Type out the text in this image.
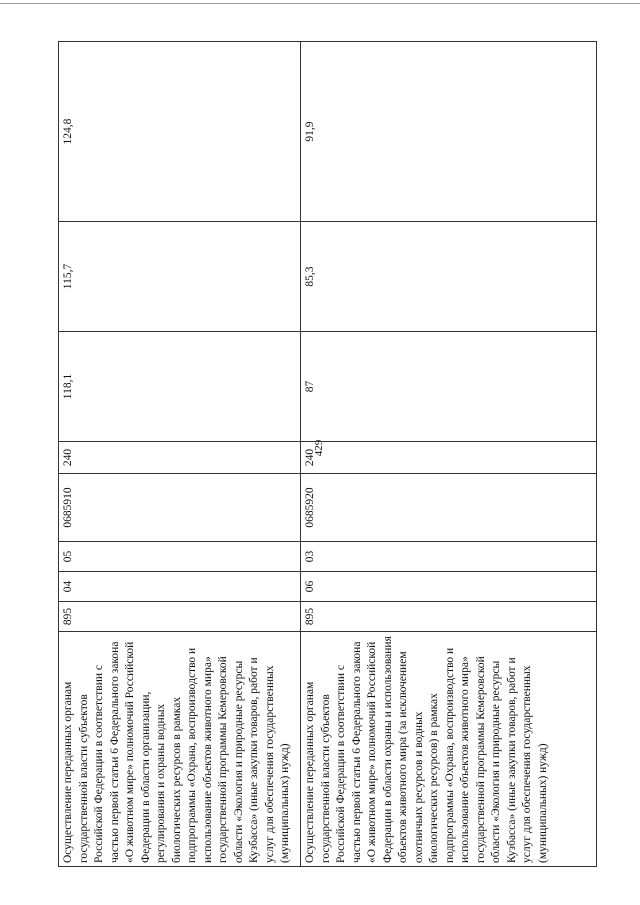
429
Осуществление переданных органам государственной власти субъектов Российской Федерации в соответствии с частью первой статьи 6 Федерального закона «О животном мире» полномочий Российской Федерации в области организации, регулирования и охраны водных биологических ресурсов в рамках подпрограммы «Охрана, воспроизводство и использование объектов животного мира» государственной программы Кемеровской области «Экология и природные ресурсы Кузбасса» (иные закупки товаров, работ и услуг для обеспечения государственных (муниципальных) нужд)	895	04	05	0685910	240	118,1	115,7	124,8
Осуществление переданных органам государственной власти субъектов Российской Федерации в соответствии с частью первой статьи 6 Федерального закона «О животном мире» полномочий Российской Федерации в области охраны и использования объектов животного мира (за исключением охотничьих ресурсов и водных биологических ресурсов) в рамках подпрограммы «Охрана, воспроизводство и использование объектов животного мира» государственной программы Кемеровской области «Экология и природные ресурсы Кузбасса» (иные закупки товаров, работ и услуг для обеспечения государственных (муниципальных) нужд)	895	06	03	0685920	240	87	85,3	91,9
